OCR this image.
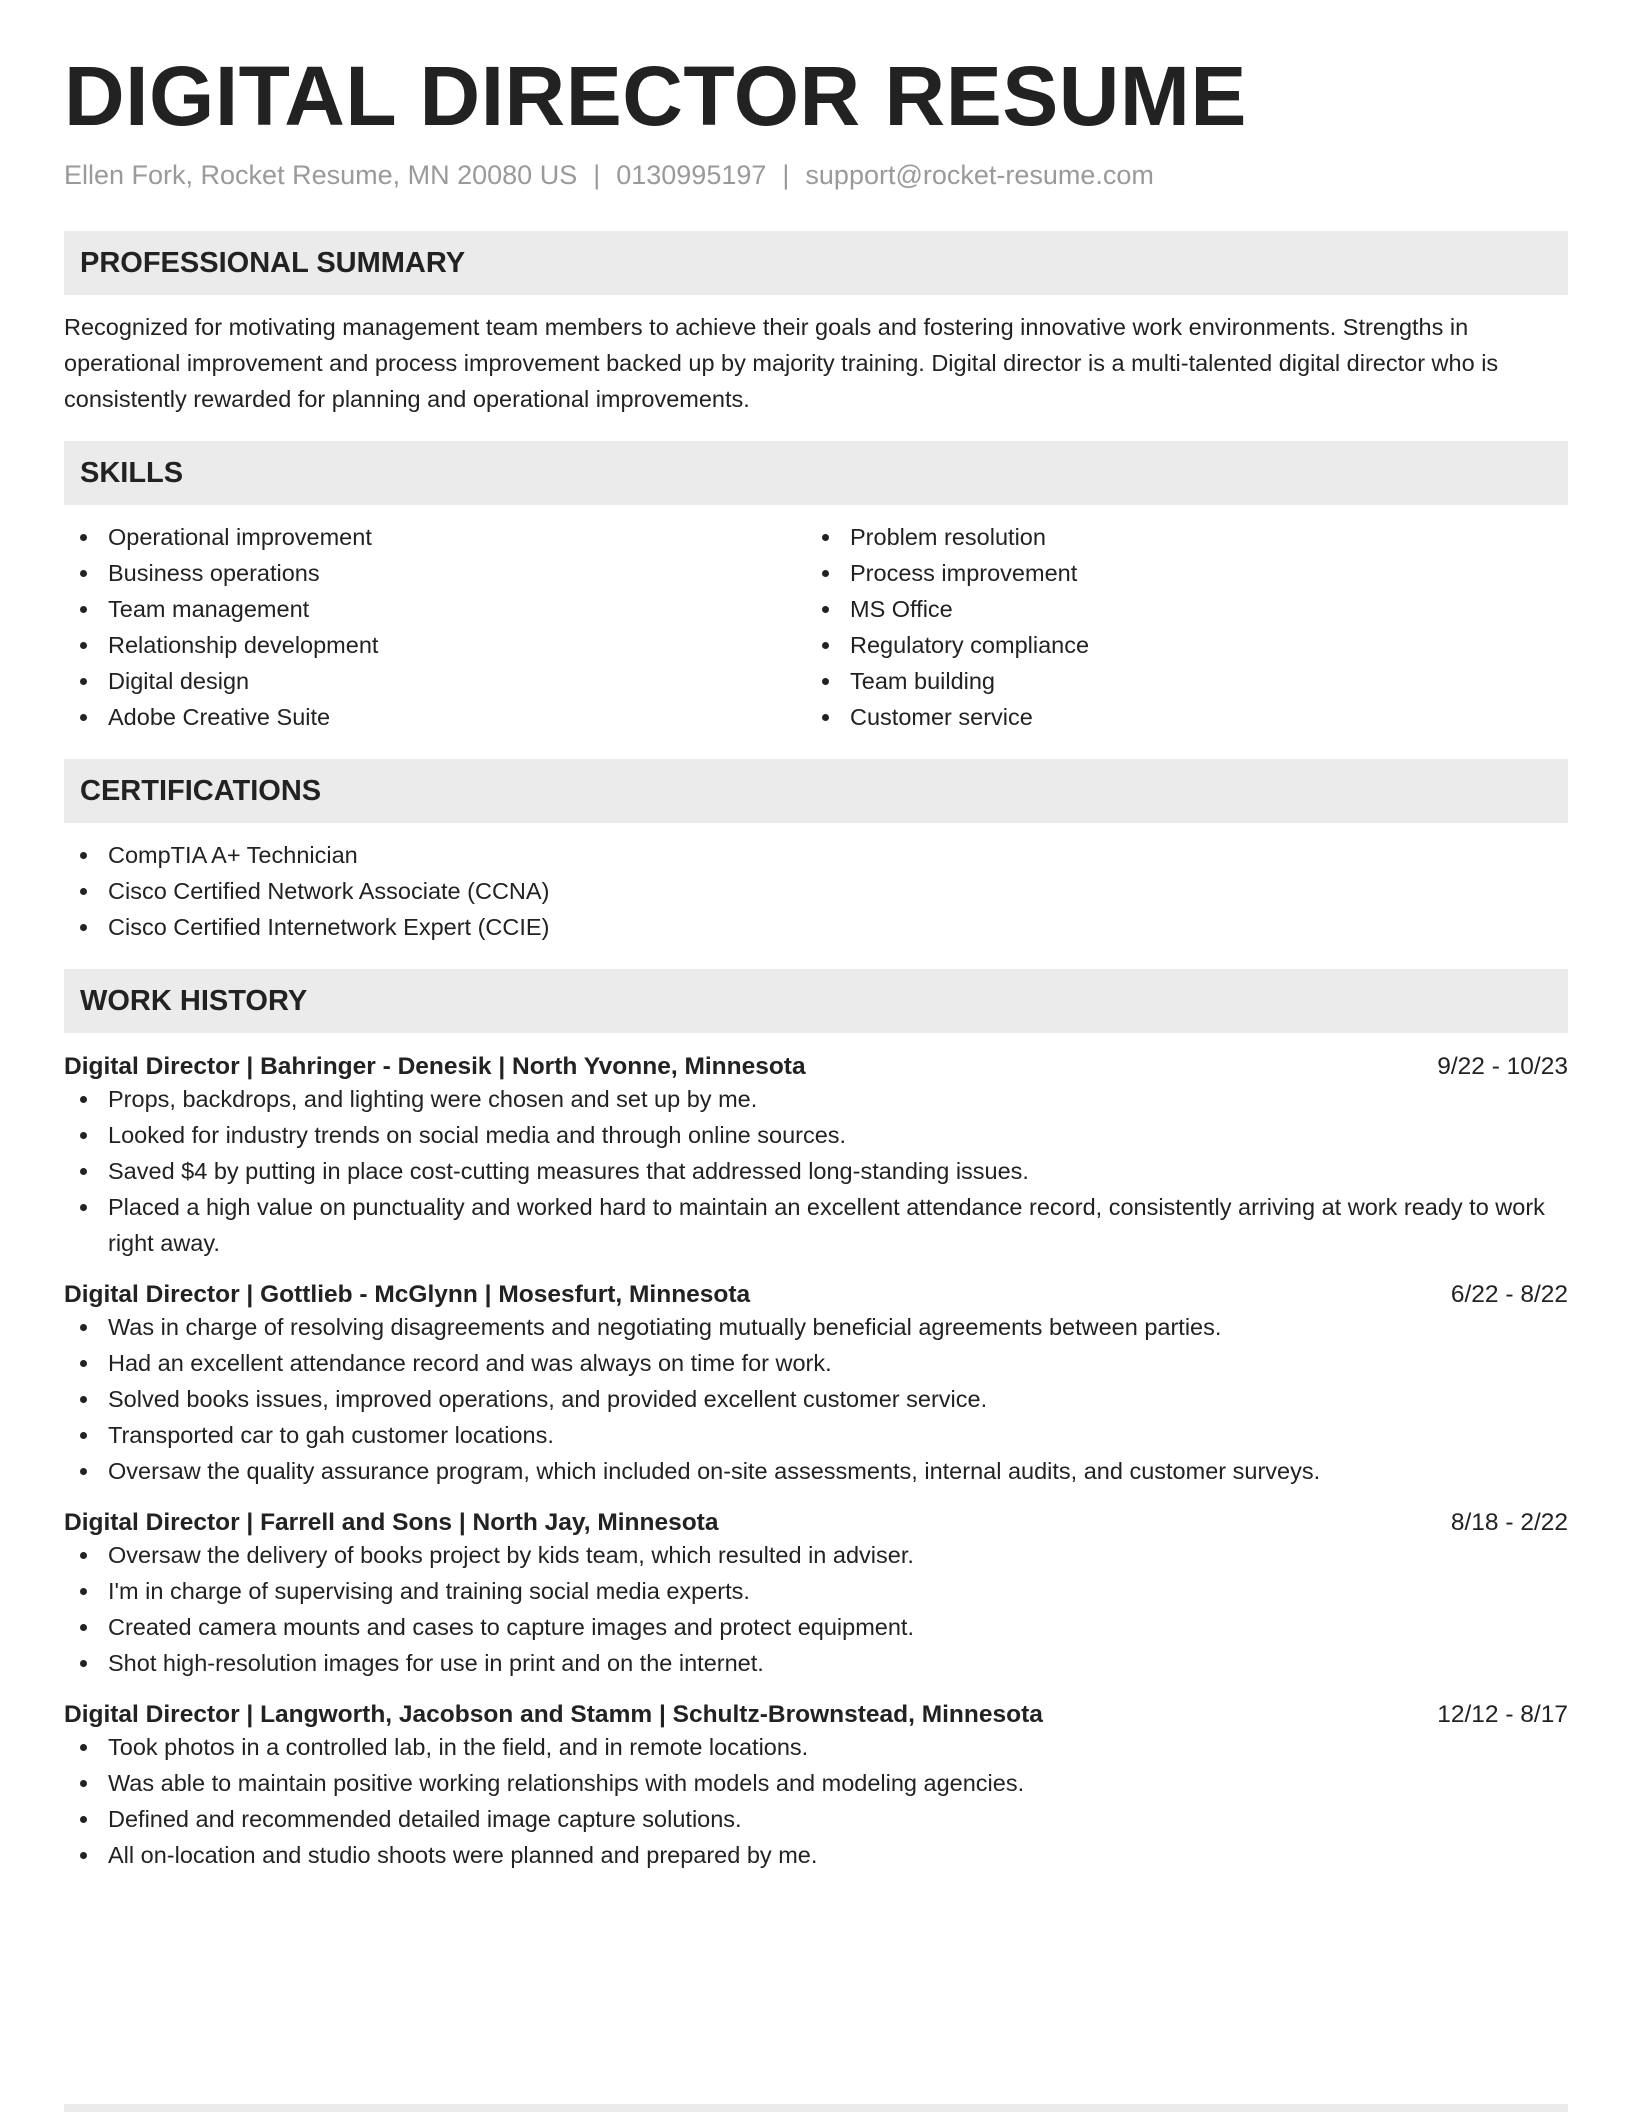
DIGITAL DIRECTOR RESUME
Ellen Fork, Rocket Resume, MN 20080 US | 0130995197 | support@rocket-resume.com
PROFESSIONAL SUMMARY

Recognized for motivating management team members to achieve their goals and fostering innovative work environments. Strengths in operational improvement and process improvement backed up by majority training. Digital director is a multi-talented digital director who is consistently rewarded for planning and operational improvements.

SKILLS
Operational improvement
Business operations
Team management
Relationship development
Digital design
Adobe Creative Suite
Problem resolution
Process improvement
MS Office
Regulatory compliance
Team building
Customer service
CERTIFICATIONS
CompTIA A+ Technician
Cisco Certified Network Associate (CCNA)
Cisco Certified Internetwork Expert (CCIE)
WORK HISTORY
Digital Director | Bahringer - Denesik | North Yvonne, Minnesota	9/22 - 10/23
Props, backdrops, and lighting were chosen and set up by me.
Looked for industry trends on social media and through online sources.
Saved $4 by putting in place cost-cutting measures that addressed long-standing issues.
Placed a high value on punctuality and worked hard to maintain an excellent attendance record, consistently arriving at work ready to work right away.
Digital Director | Gottlieb - McGlynn | Mosesfurt, Minnesota	6/22 - 8/22
Was in charge of resolving disagreements and negotiating mutually beneficial agreements between parties.
Had an excellent attendance record and was always on time for work.
Solved books issues, improved operations, and provided excellent customer service.
Transported car to gah customer locations.
Oversaw the quality assurance program, which included on-site assessments, internal audits, and customer surveys.
Digital Director | Farrell and Sons | North Jay, Minnesota	8/18 - 2/22
Oversaw the delivery of books project by kids team, which resulted in adviser.
I'm in charge of supervising and training social media experts.
Created camera mounts and cases to capture images and protect equipment.
Shot high-resolution images for use in print and on the internet.
Digital Director | Langworth, Jacobson and Stamm | Schultz-Brownstead, Minnesota	12/12 - 8/17
Took photos in a controlled lab, in the field, and in remote locations.
Was able to maintain positive working relationships with models and modeling agencies.
Defined and recommended detailed image capture solutions.
All on-location and studio shoots were planned and prepared by me.
